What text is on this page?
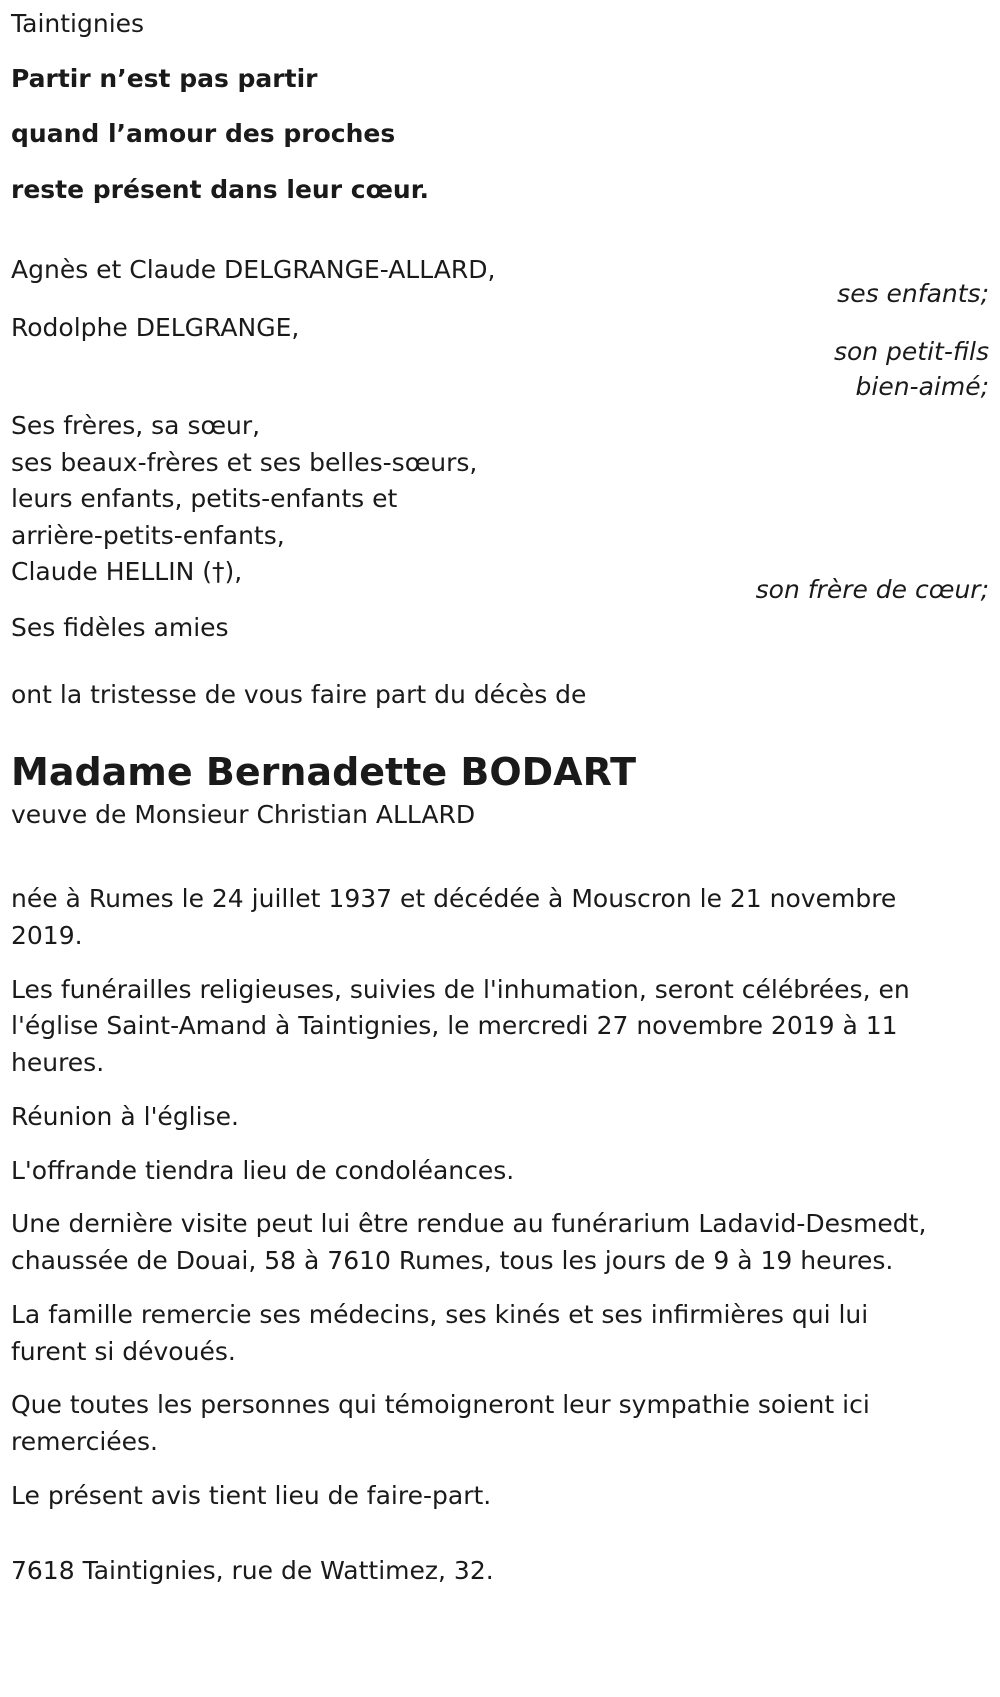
Taintignies

Partir n’est pas partir

quand l’amour des proches

reste présent dans leur cœur.

Agnès et Claude DELGRANGE-ALLARD,
ses enfants;
Rodolphe DELGRANGE,
son petit-fils
bien-aimé;
Ses frères, sa sœur,
ses beaux-frères et ses belles-sœurs,
leurs enfants, petits-enfants et
arrière-petits-enfants,
Claude HELLIN (†),
son frère de cœur;

Ses fidèles amies

ont la tristesse de vous faire part du décès de

Madame Bernadette BODART

veuve de Monsieur Christian ALLARD

née à Rumes le 24 juillet 1937 et décédée à Mouscron le 21 novembre 2019.

Les funérailles religieuses, suivies de l'inhumation, seront célébrées, en l'église Saint-Amand à Taintignies, le mercredi 27 novembre 2019 à 11 heures.

Réunion à l'église.

L'offrande tiendra lieu de condoléances.

Une dernière visite peut lui être rendue au funérarium Ladavid-Desmedt, chaussée de Douai, 58 à 7610 Rumes, tous les jours de 9 à 19 heures.

La famille remercie ses médecins, ses kinés et ses infirmières qui lui furent si dévoués.

Que toutes les personnes qui témoigneront leur sympathie soient ici remerciées.

Le présent avis tient lieu de faire-part.

7618 Taintignies, rue de Wattimez, 32.
